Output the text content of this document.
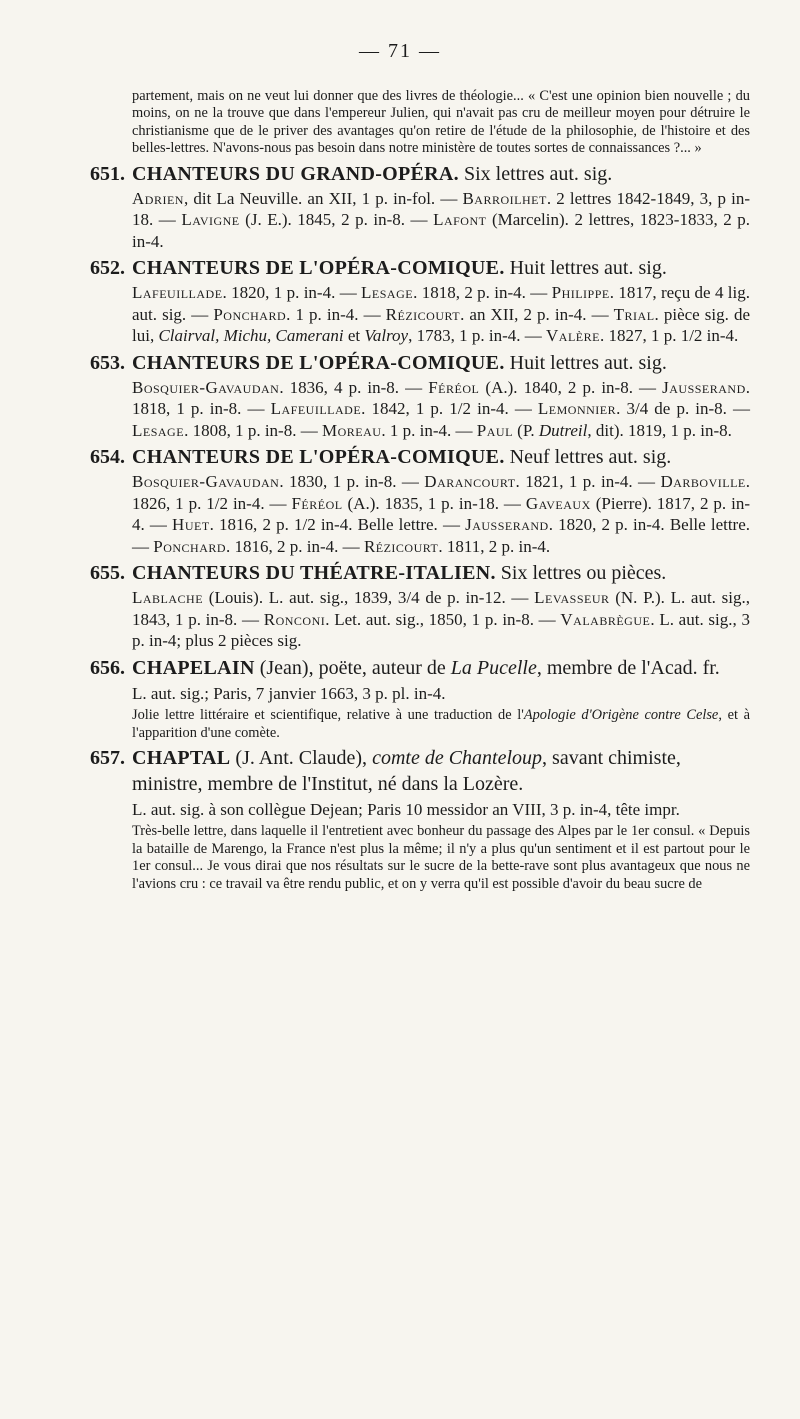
— 71 —

partement, mais on ne veut lui donner que des livres de théologie... « C'est une opinion bien nouvelle ; du moins, on ne la trouve que dans l'empereur Julien, qui n'avait pas cru de meilleur moyen pour détruire le christianisme que de le priver des avantages qu'on retire de l'étude de la philosophie, de l'histoire et des belles-lettres. N'avons-nous pas besoin dans notre ministère de toutes sortes de connaissances ?... »

651. CHANTEURS DU GRAND-OPÉRA. Six lettres aut. sig.

Adrien, dit La Neuville. an XII, 1 p. in-fol. — Barroilhet. 2 lettres 1842-1849, 3, p in-18. — Lavigne (J. E.). 1845, 2 p. in-8. — Lafont (Marcelin). 2 lettres, 1823-1833, 2 p. in-4.

652. CHANTEURS DE L'OPÉRA-COMIQUE. Huit lettres aut. sig.

Lafeuillade. 1820, 1 p. in-4. — Lesage. 1818, 2 p. in-4. — Philippe. 1817, reçu de 4 lig. aut. sig. — Ponchard. 1 p. in-4. — Rézicourt. an XII, 2 p. in-4. — Trial. pièce sig. de lui, Clairval, Michu, Camerani et Valroy, 1783, 1 p. in-4. — Valère. 1827, 1 p. 1/2 in-4.

653. CHANTEURS DE L'OPÉRA-COMIQUE. Huit lettres aut. sig.

Bosquier-Gavaudan. 1836, 4 p. in-8. — Féréol (A.). 1840, 2 p. in-8. — Jausserand. 1818, 1 p. in-8. — Lafeuillade. 1842, 1 p. 1/2 in-4. — Lemonnier. 3/4 de p. in-8. — Lesage. 1808, 1 p. in-8. — Moreau. 1 p. in-4. — Paul (P. Dutreil, dit). 1819, 1 p. in-8.

654. CHANTEURS DE L'OPÉRA-COMIQUE. Neuf lettres aut. sig.

Bosquier-Gavaudan. 1830, 1 p. in-8. — Darancourt. 1821, 1 p. in-4. — Darboville. 1826, 1 p. 1/2 in-4. — Féréol (A.). 1835, 1 p. in-18. — Gaveaux (Pierre). 1817, 2 p. in-4. — Huet. 1816, 2 p. 1/2 in-4. Belle lettre. — Jausserand. 1820, 2 p. in-4. Belle lettre. — Ponchard. 1816, 2 p. in-4. — Rézicourt. 1811, 2 p. in-4.

655. CHANTEURS DU THÉATRE-ITALIEN. Six lettres ou pièces.

Lablache (Louis). L. aut. sig., 1839, 3/4 de p. in-12. — Levasseur (N. P.). L. aut. sig., 1843, 1 p. in-8. — Ronconi. Let. aut. sig., 1850, 1 p. in-8. — Valabrègue. L. aut. sig., 3 p. in-4; plus 2 pièces sig.

656. CHAPELAIN (Jean), poëte, auteur de La Pucelle, membre de l'Acad. fr.

L. aut. sig.; Paris, 7 janvier 1663, 3 p. pl. in-4.

Jolie lettre littéraire et scientifique, relative à une traduction de l'Apologie d'Origène contre Celse, et à l'apparition d'une comète.

657. CHAPTAL (J. Ant. Claude), comte de Chanteloup, savant chimiste, ministre, membre de l'Institut, né dans la Lozère.

L. aut. sig. à son collègue Dejean; Paris 10 messidor an VIII, 3 p. in-4, tête impr.

Très-belle lettre, dans laquelle il l'entretient avec bonheur du passage des Alpes par le 1er consul. « Depuis la bataille de Marengo, la France n'est plus la même; il n'y a plus qu'un sentiment et il est partout pour le 1er consul... Je vous dirai que nos résultats sur le sucre de la bette-rave sont plus avantageux que nous ne l'avions cru : ce travail va être rendu public, et on y verra qu'il est possible d'avoir du beau sucre de
